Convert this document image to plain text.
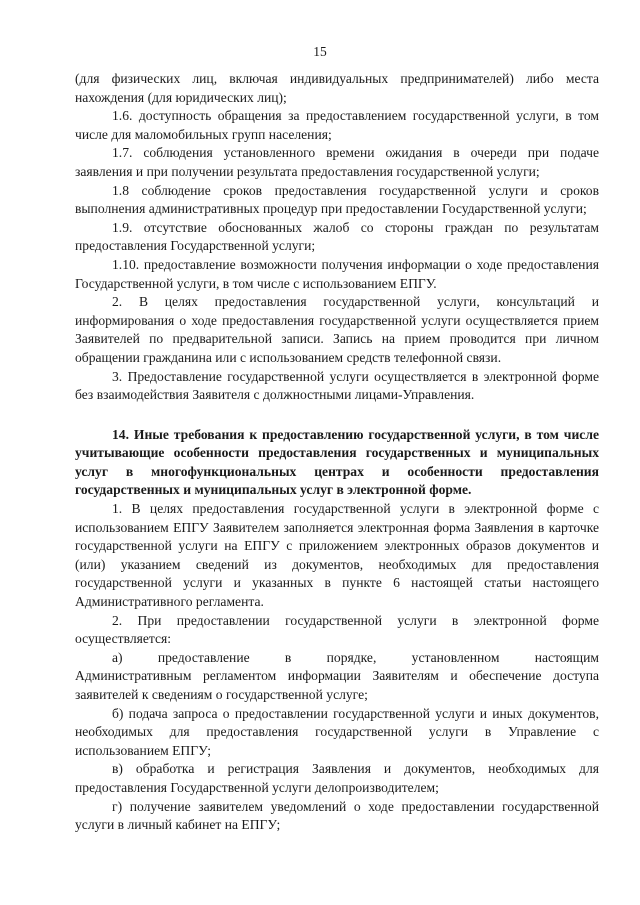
15

(для физических лиц, включая индивидуальных предпринимателей) либо места нахождения (для юридических лиц);

1.6. доступность обращения за предоставлением государственной услуги, в том числе для маломобильных групп населения;

1.7. соблюдения установленного времени ожидания в очереди при подаче заявления и при получении результата предоставления государственной услуги;

1.8 соблюдение сроков предоставления государственной услуги и сроков выполнения административных процедур при предоставлении Государственной услуги;

1.9. отсутствие обоснованных жалоб со стороны граждан по результатам предоставления Государственной услуги;

1.10. предоставление возможности получения информации о ходе предоставления Государственной услуги, в том числе с использованием ЕПГУ.

2. В целях предоставления государственной услуги, консультаций и информирования о ходе предоставления государственной услуги осуществляется прием Заявителей по предварительной записи. Запись на прием проводится при личном обращении гражданина или с использованием средств телефонной связи.

3. Предоставление государственной услуги осуществляется в электронной форме без взаимодействия Заявителя с должностными лицами-Управления.

14. Иные требования к предоставлению государственной услуги, в том числе учитывающие особенности предоставления государственных и муниципальных услуг в многофункциональных центрах и особенности предоставления государственных и муниципальных услуг в электронной форме.

1. В целях предоставления государственной услуги в электронной форме с использованием ЕПГУ Заявителем заполняется электронная форма Заявления в карточке государственной услуги на ЕПГУ с приложением электронных образов документов и (или) указанием сведений из документов, необходимых для предоставления государственной услуги и указанных в пункте 6 настоящей статьи настоящего Административного регламента.

2. При предоставлении государственной услуги в электронной форме осуществляется:

а)	предоставление	в	порядке,	установленном	настоящим

Административным регламентом информации Заявителям и обеспечение доступа заявителей к сведениям о государственной услуге;

б) подача запроса о предоставлении государственной услуги и иных документов, необходимых для предоставления государственной услуги в Управление с использованием ЕПГУ;

в) обработка и регистрация Заявления и документов, необходимых для предоставления Государственной услуги делопроизводителем;

г) получение заявителем уведомлений о ходе предоставлении государственной услуги в личный кабинет на ЕПГУ;
